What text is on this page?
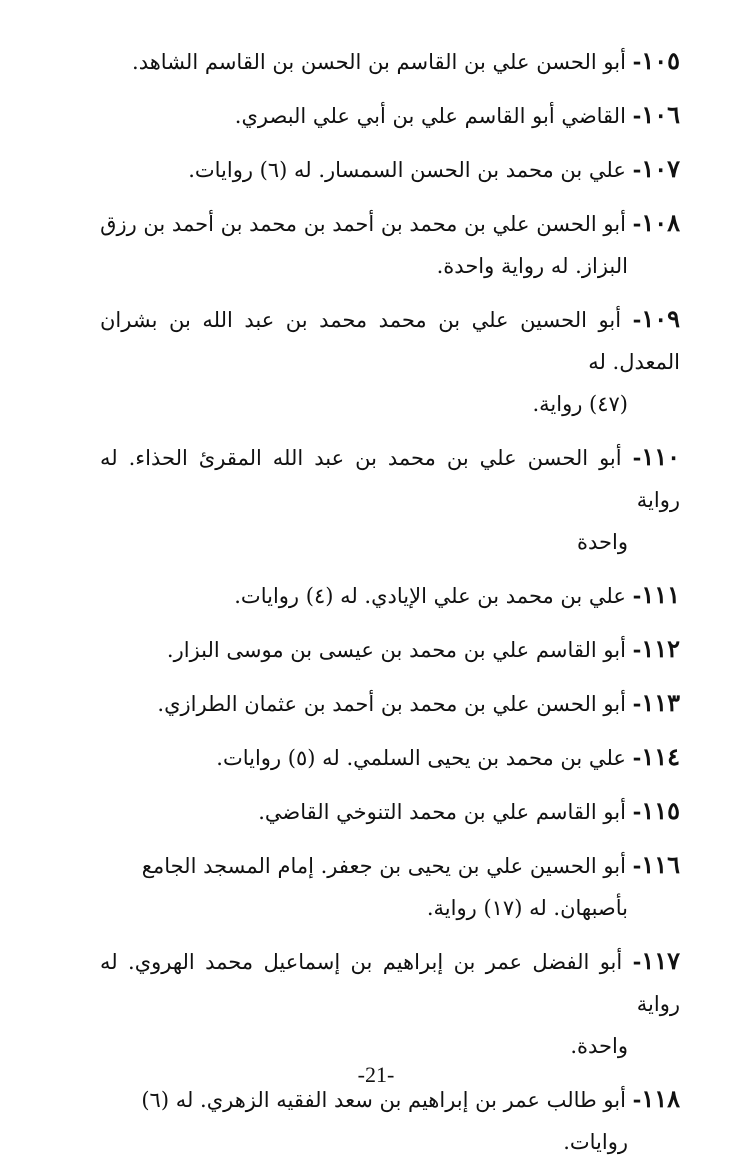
١٠٥- أبو الحسن علي بن القاسم بن الحسن بن القاسم الشاهد.
١٠٦- القاضي أبو القاسم علي بن أبي علي البصري.
١٠٧- علي بن محمد بن الحسن السمسار. له (٦) روايات.
١٠٨- أبو الحسن علي بن محمد بن أحمد بن محمد بن أحمد بن رزق
البزاز. له رواية واحدة.
١٠٩- أبو الحسين علي بن محمد محمد بن عبد الله بن بشران المعدل. له
(٤٧) رواية.
١١٠- أبو الحسن علي بن محمد بن عبد الله المقرئ الحذاء. له رواية
واحدة
١١١- علي بن محمد بن علي الإيادي. له (٤) روايات.
١١٢- أبو القاسم علي بن محمد بن عيسى بن موسى البزار.
١١٣- أبو الحسن علي بن محمد بن أحمد بن عثمان الطرازي.
١١٤- علي بن محمد بن يحيى السلمي. له (٥) روايات.
١١٥- أبو القاسم علي بن محمد التنوخي القاضي.
١١٦- أبو الحسين علي بن يحيى بن جعفر. إمام المسجد الجامع
بأصبهان. له (١٧) رواية.
١١٧- أبو الفضل عمر بن إبراهيم بن إسماعيل محمد الهروي. له رواية
واحدة.
١١٨- أبو طالب عمر بن إبراهيم بن سعد الفقيه الزهري. له (٦)
روايات.
-21-
